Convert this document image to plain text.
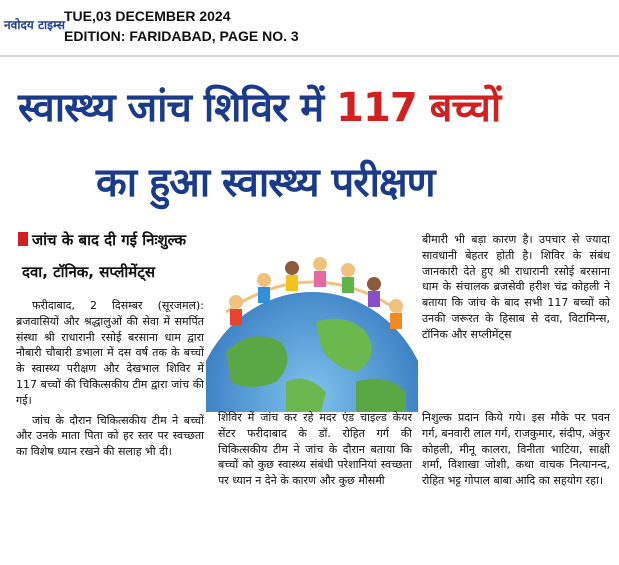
नवोदय टाइम्स
TUE,03 DECEMBER 2024
EDITION: FARIDABAD, PAGE NO. 3
स्वास्थ्य जांच शिविर में 117 बच्चों
का हुआ स्वास्थ्य परीक्षण
जांच के बाद दी गई निःशुल्क
दवा, टॉनिक, सप्लीमेंट्स

फरीदाबाद, 2 दिसम्बर (सूरजमल): ब्रजवासियों और श्रद्धालुओं की सेवा में समर्पित संस्था श्री राधारानी रसोई बरसाना धाम द्वारा नौबारी चौबारी डभाला में दस वर्ष तक के बच्चों के स्वास्थ्य परीक्षण और देखभाल शिविर में 117 बच्चों की चिकित्सकीय टीम द्वारा जांच की गई।

जांच के दौरान चिकित्सकीय टीम ने बच्चों और उनके माता पिता को हर स्तर पर स्वच्छता का विशेष ध्यान रखने की सलाह भी दी।

शिविर में जांच कर रहे मदर एंड चाइल्ड केयर सेंटर फरीदाबाद के डॉ. रोहित गर्ग की चिकित्सकीय टीम ने जांच के दौरान बताया कि बच्चों को कुछ स्वास्थ्य संबंधी परेशानियां स्वच्छता पर ध्यान न देने के कारण और कुछ मौसमी

बीमारी भी बड़ा कारण है। उपचार से ज्यादा सावधानी बेहतर होती है। शिविर के संबंध जानकारी देते हुए श्री राधारानी रसोई बरसाना धाम के संचालक ब्रजसेवी हरीश चंद्र कोहली ने बताया कि जांच के बाद सभी 117 बच्चों को उनकी जरूरत के हिसाब से दवा, विटामिन्स, टॉनिक और सप्लीमेंट्स

निशुल्क प्रदान किये गये। इस मौके पर पवन गर्ग, बनवारी लाल गर्ग, राजकुमार, संदीप, अंकुर कोहली, मीनू कालरा, विनीता भाटिया, साक्षी शर्मा, विशाखा जोशी, कथा वाचक नित्यानन्द, रोहित भट्ट गोपाल बाबा आदि का सहयोग रहा।
